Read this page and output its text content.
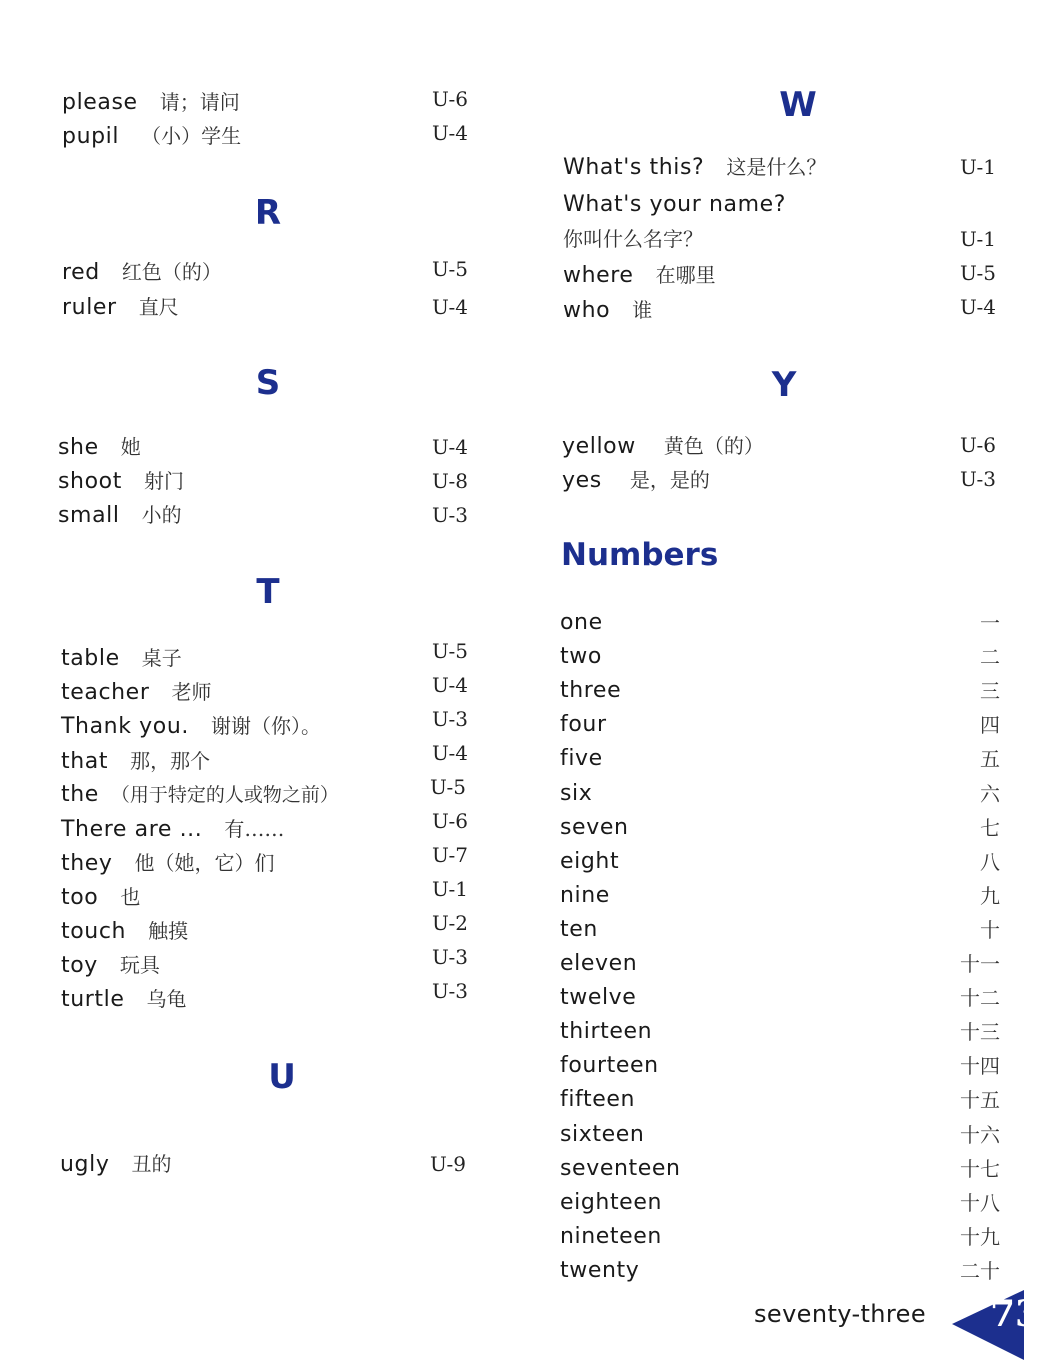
please 请；请问	U-6
pupil （小）学生	U-4
R
red 红色（的）	U-5
ruler 直尺	U-4
S
she 她	U-4
shoot 射门	U-8
small 小的	U-3
T
table 桌子	U-5
teacher 老师	U-4
Thank you. 谢谢（你）。	U-3
that 那，那个	U-4
the （用于特定的人或物之前）	U-5
There are ... 有……	U-6
they 他（她，它）们	U-7
too 也	U-1
touch 触摸	U-2
toy 玩具	U-3
turtle 乌龟	U-3
U
ugly 丑的	U-9
W
What's this? 这是什么？	U-1
What's your name?
你叫什么名字？	U-1
where 在哪里	U-5
who 谁	U-4
Y
yellow 黄色（的）	U-6
yes 是，是的	U-3
Numbers
one	一
two	二
three	三
four	四
five	五
six	六
seven	七
eight	八
nine	九
ten	十
eleven	十一
twelve	十二
thirteen	十三
fourteen	十四
fifteen	十五
sixteen	十六
seventeen	十七
eighteen	十八
nineteen	十九
twenty	二十
seventy-three 73
